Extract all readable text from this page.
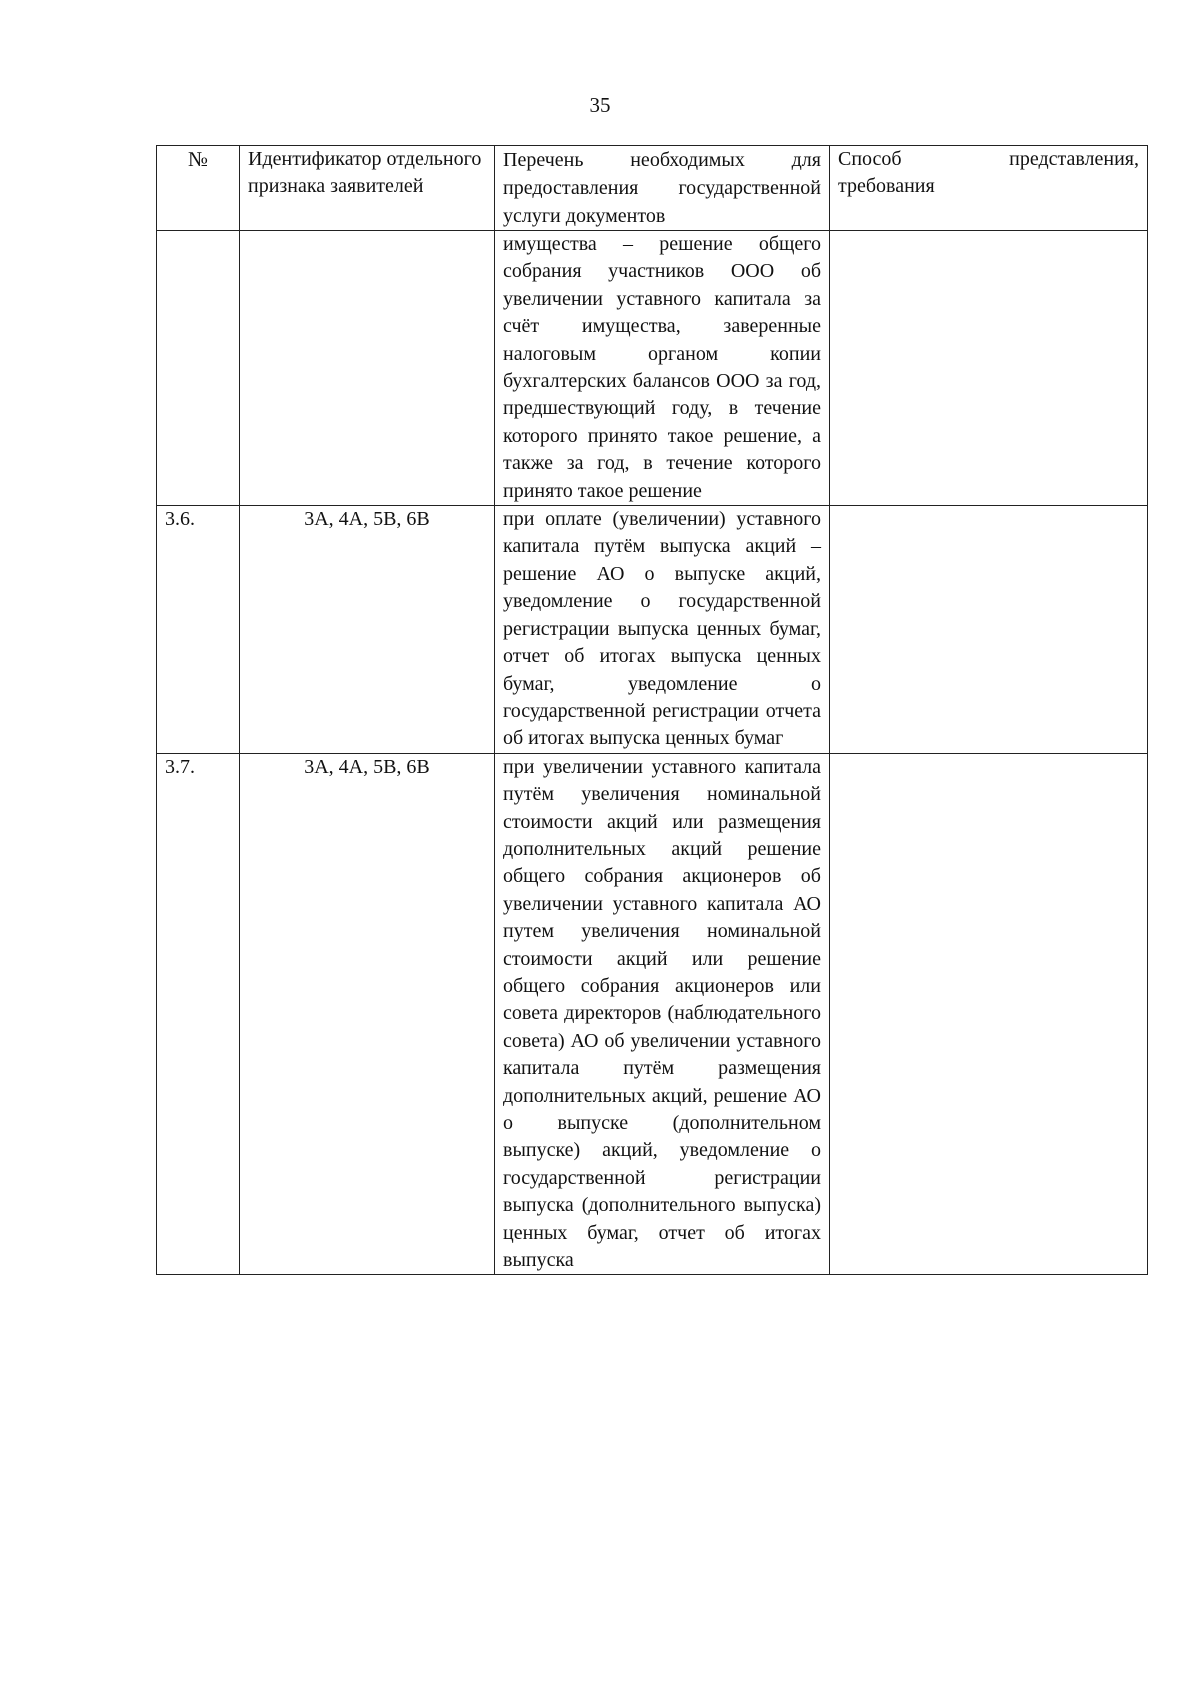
35
№	Идентификатор отдельного признака заявителей	Перечень необходимых для предоставления государственной услуги документов	Способ представления,
требования

		имущества – решение общего собрания участников ООО об увеличении уставного капитала за счёт имущества, заверенные налоговым органом копии бухгалтерских балансов ООО за год, предшествующий году, в течение которого принято такое решение, а также за год, в течение которого принято такое решение	
3.6.	3А, 4А, 5В, 6В	при оплате (увеличении) уставного капитала путём выпуска акций – решение АО о выпуске акций, уведомление о государственной регистрации выпуска ценных бумаг, отчет об итогах выпуска ценных бумаг, уведомление о государственной регистрации отчета об итогах выпуска ценных бумаг	
3.7.	3А, 4А, 5В, 6В	при увеличении уставного капитала путём увеличения номинальной стоимости акций или размещения дополнительных акций решение общего собрания акционеров об увеличении уставного капитала АО путем увеличения номинальной стоимости акций или решение общего собрания акционеров или совета директоров (наблюдательного совета) АО об увеличении уставного капитала путём размещения дополнительных акций, решение АО о выпуске (дополнительном выпуске) акций, уведомление о государственной регистрации выпуска (дополнительного выпуска) ценных бумаг, отчет об итогах выпуска	
